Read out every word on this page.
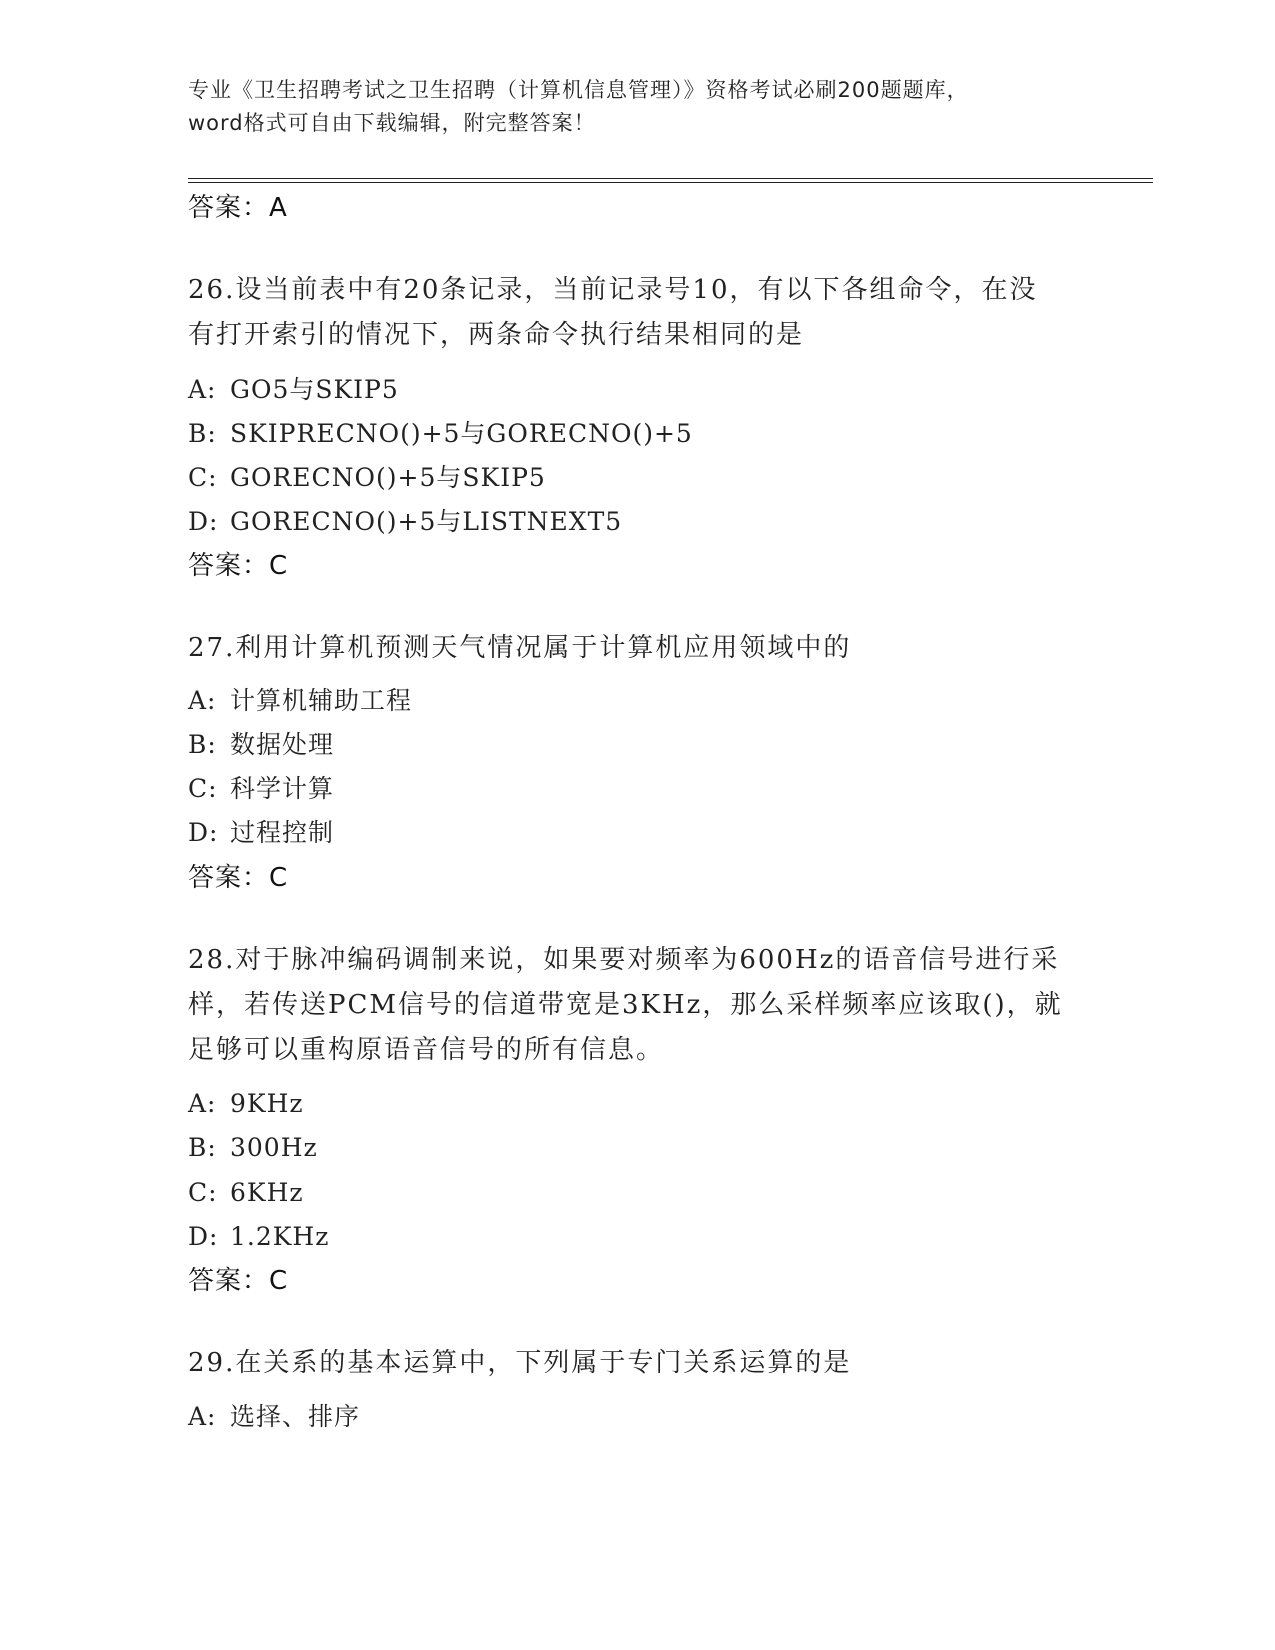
专业《卫生招聘考试之卫生招聘（计算机信息管理）》资格考试必刷200题题库，
word格式可自由下载编辑，附完整答案！
答案：A
26.设当前表中有20条记录，当前记录号10，有以下各组命令，在没
有打开索引的情况下，两条命令执行结果相同的是
A: GO5与SKIP5
B: SKIPRECNO()+5与GORECNO()+5
C: GORECNO()+5与SKIP5
D: GORECNO()+5与LISTNEXT5
答案：C
27.利用计算机预测天气情况属于计算机应用领域中的
A: 计算机辅助工程
B: 数据处理
C: 科学计算
D: 过程控制
答案：C
28.对于脉冲编码调制来说，如果要对频率为600Hz的语音信号进行采
样，若传送PCM信号的信道带宽是3KHz，那么采样频率应该取()，就
足够可以重构原语音信号的所有信息。
A: 9KHz
B: 300Hz
C: 6KHz
D: 1.2KHz
答案：C
29.在关系的基本运算中，下列属于专门关系运算的是
A: 选择、排序
